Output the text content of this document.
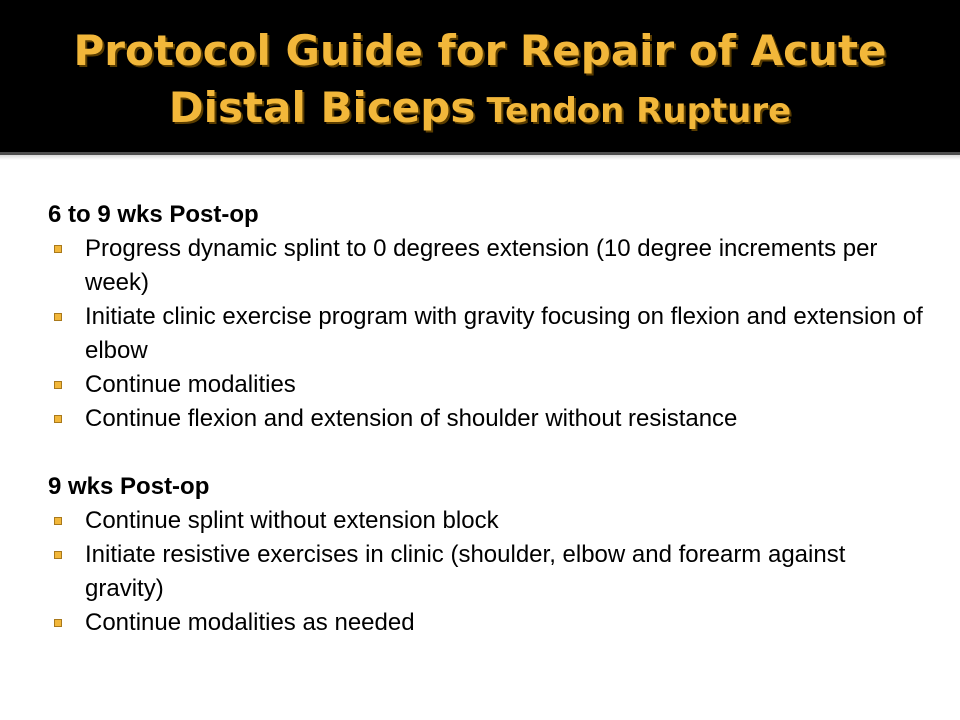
Protocol Guide for Repair of Acute
Distal Biceps Tendon Rupture

6 to 9 wks Post-op

Progress dynamic splint to 0 degrees extension (10 degree increments per week)
Initiate clinic exercise program with gravity focusing on flexion and extension of elbow
Continue modalities
Continue flexion and extension of shoulder without resistance

9 wks Post-op

Continue splint without extension block
Initiate resistive exercises in clinic (shoulder, elbow and forearm against gravity)
Continue modalities as needed
